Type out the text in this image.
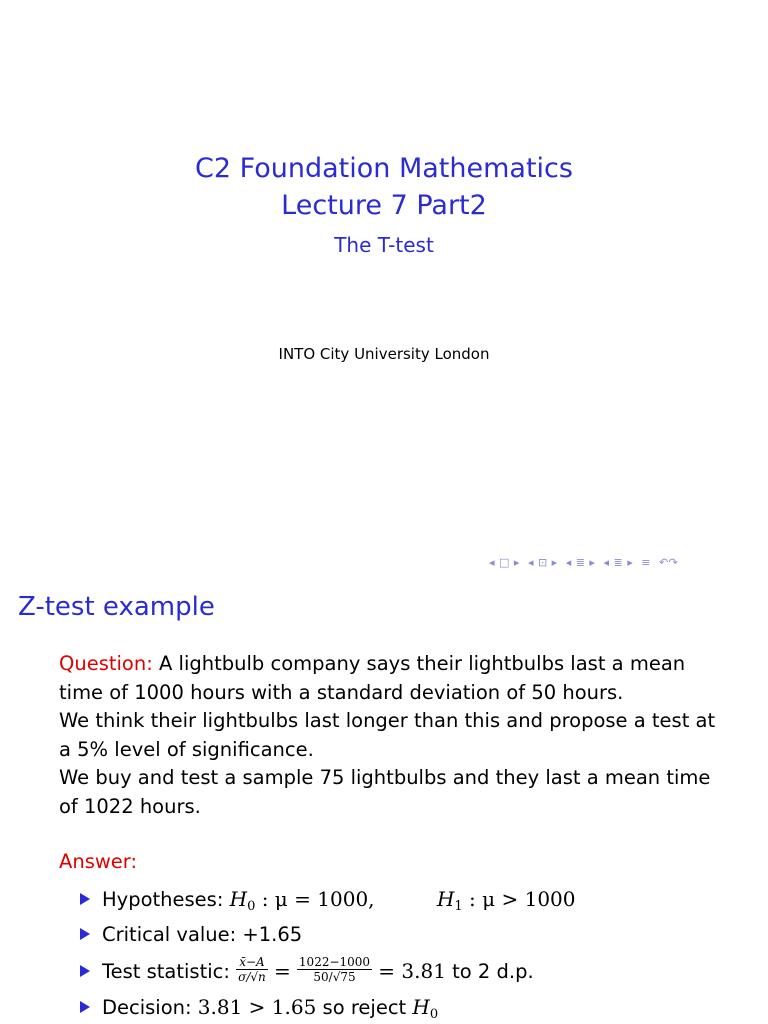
C2 Foundation Mathematics
Lecture 7 Part2
The T-test
INTO City University London
◂ □ ▸ ◂ ⊡ ▸ ◂ ≣ ▸ ◂ ≣ ▸ ≡ ↶↷
Z-test example
Question: A lightbulb company says their lightbulbs last a mean
time of 1000 hours with a standard deviation of 50 hours.
We think their lightbulbs last longer than this and propose a test at
a 5% level of significance.
We buy and test a sample 75 lightbulbs and they last a mean time
of 1022 hours.
Answer:
Hypotheses: $H_0$ : μ = 1000,	$H_1$ : μ > 1000
Critical value: +1.65
Test statistic: $\frac{x̄-A}{\sigma/√n} = \frac{1022-1000}{50/√75} = 3.81$ to 2 d.p.
Decision: 3.81 > 1.65 so reject $H_0$
